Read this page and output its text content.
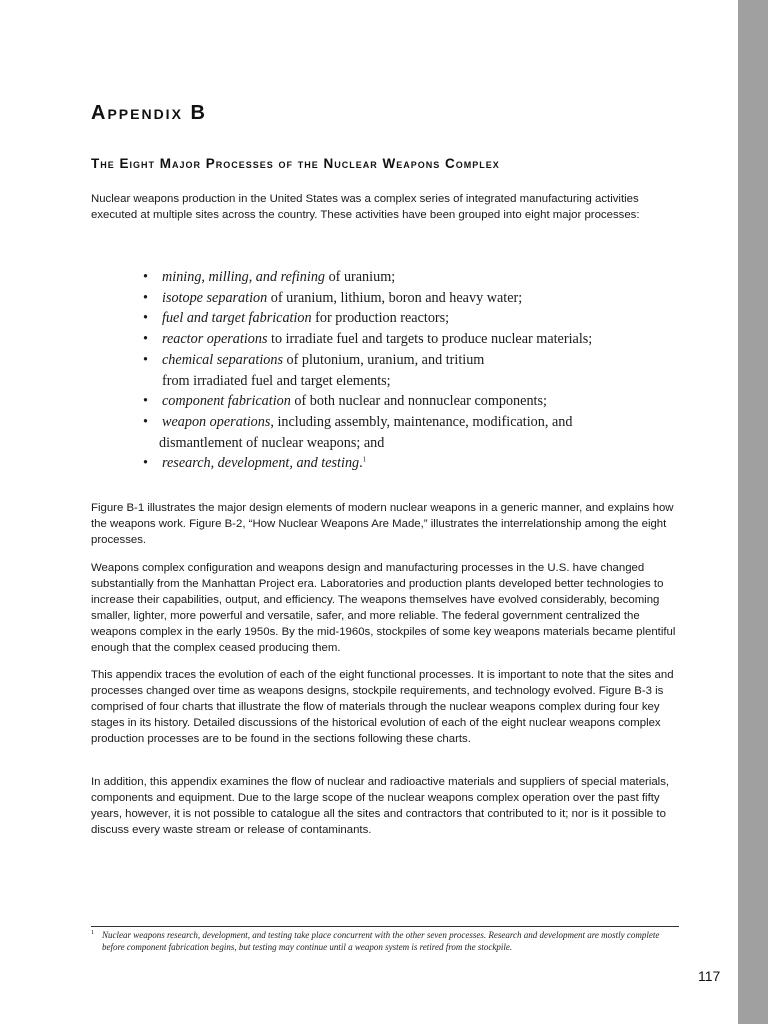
Appendix B
The Eight Major Processes of the Nuclear Weapons Complex

Nuclear weapons production in the United States was a complex series of integrated manufacturing activities executed at multiple sites across the country. These activities have been grouped into eight major processes:

• mining, milling, and refining of uranium;
• isotope separation of uranium, lithium, boron and heavy water;
• fuel and target fabrication for production reactors;
• reactor operations to irradiate fuel and targets to produce nuclear materials;
• chemical separations of plutonium, uranium, and tritium
from irradiated fuel and target elements;
• component fabrication of both nuclear and nonnuclear components;
• weapon operations, including assembly, maintenance, modification, and
dismantlement of nuclear weapons; and
• research, development, and testing.$^1$

Figure B-1 illustrates the major design elements of modern nuclear weapons in a generic manner, and explains how the weapons work. Figure B-2, “How Nuclear Weapons Are Made,” illustrates the interrelationship among the eight processes.

Weapons complex configuration and weapons design and manufacturing processes in the U.S. have changed substantially from the Manhattan Project era. Laboratories and production plants developed better technologies to increase their capabilities, output, and efficiency. The weapons themselves have evolved considerably, becoming smaller, lighter, more powerful and versatile, safer, and more reliable. The federal government centralized the weapons complex in the early 1950s. By the mid-1960s, stockpiles of some key weapons materials became plentiful enough that the complex ceased producing them.

This appendix traces the evolution of each of the eight functional processes. It is important to note that the sites and processes changed over time as weapons designs, stockpile requirements, and technology evolved. Figure B-3 is comprised of four charts that illustrate the flow of materials through the nuclear weapons complex during four key stages in its history. Detailed discussions of the historical evolution of each of the eight nuclear weapons complex production processes are to be found in the sections following these charts.

In addition, this appendix examines the flow of nuclear and radioactive materials and suppliers of special materials, components and equipment. Due to the large scope of the nuclear weapons complex operation over the past fifty years, however, it is not possible to catalogue all the sites and contractors that contributed to it; nor is it possible to discuss every waste stream or release of contaminants.

1 Nuclear weapons research, development, and testing take place concurrent with the other seven processes. Research and development are mostly complete before component fabrication begins, but testing may continue until a weapon system is retired from the stockpile.

117
